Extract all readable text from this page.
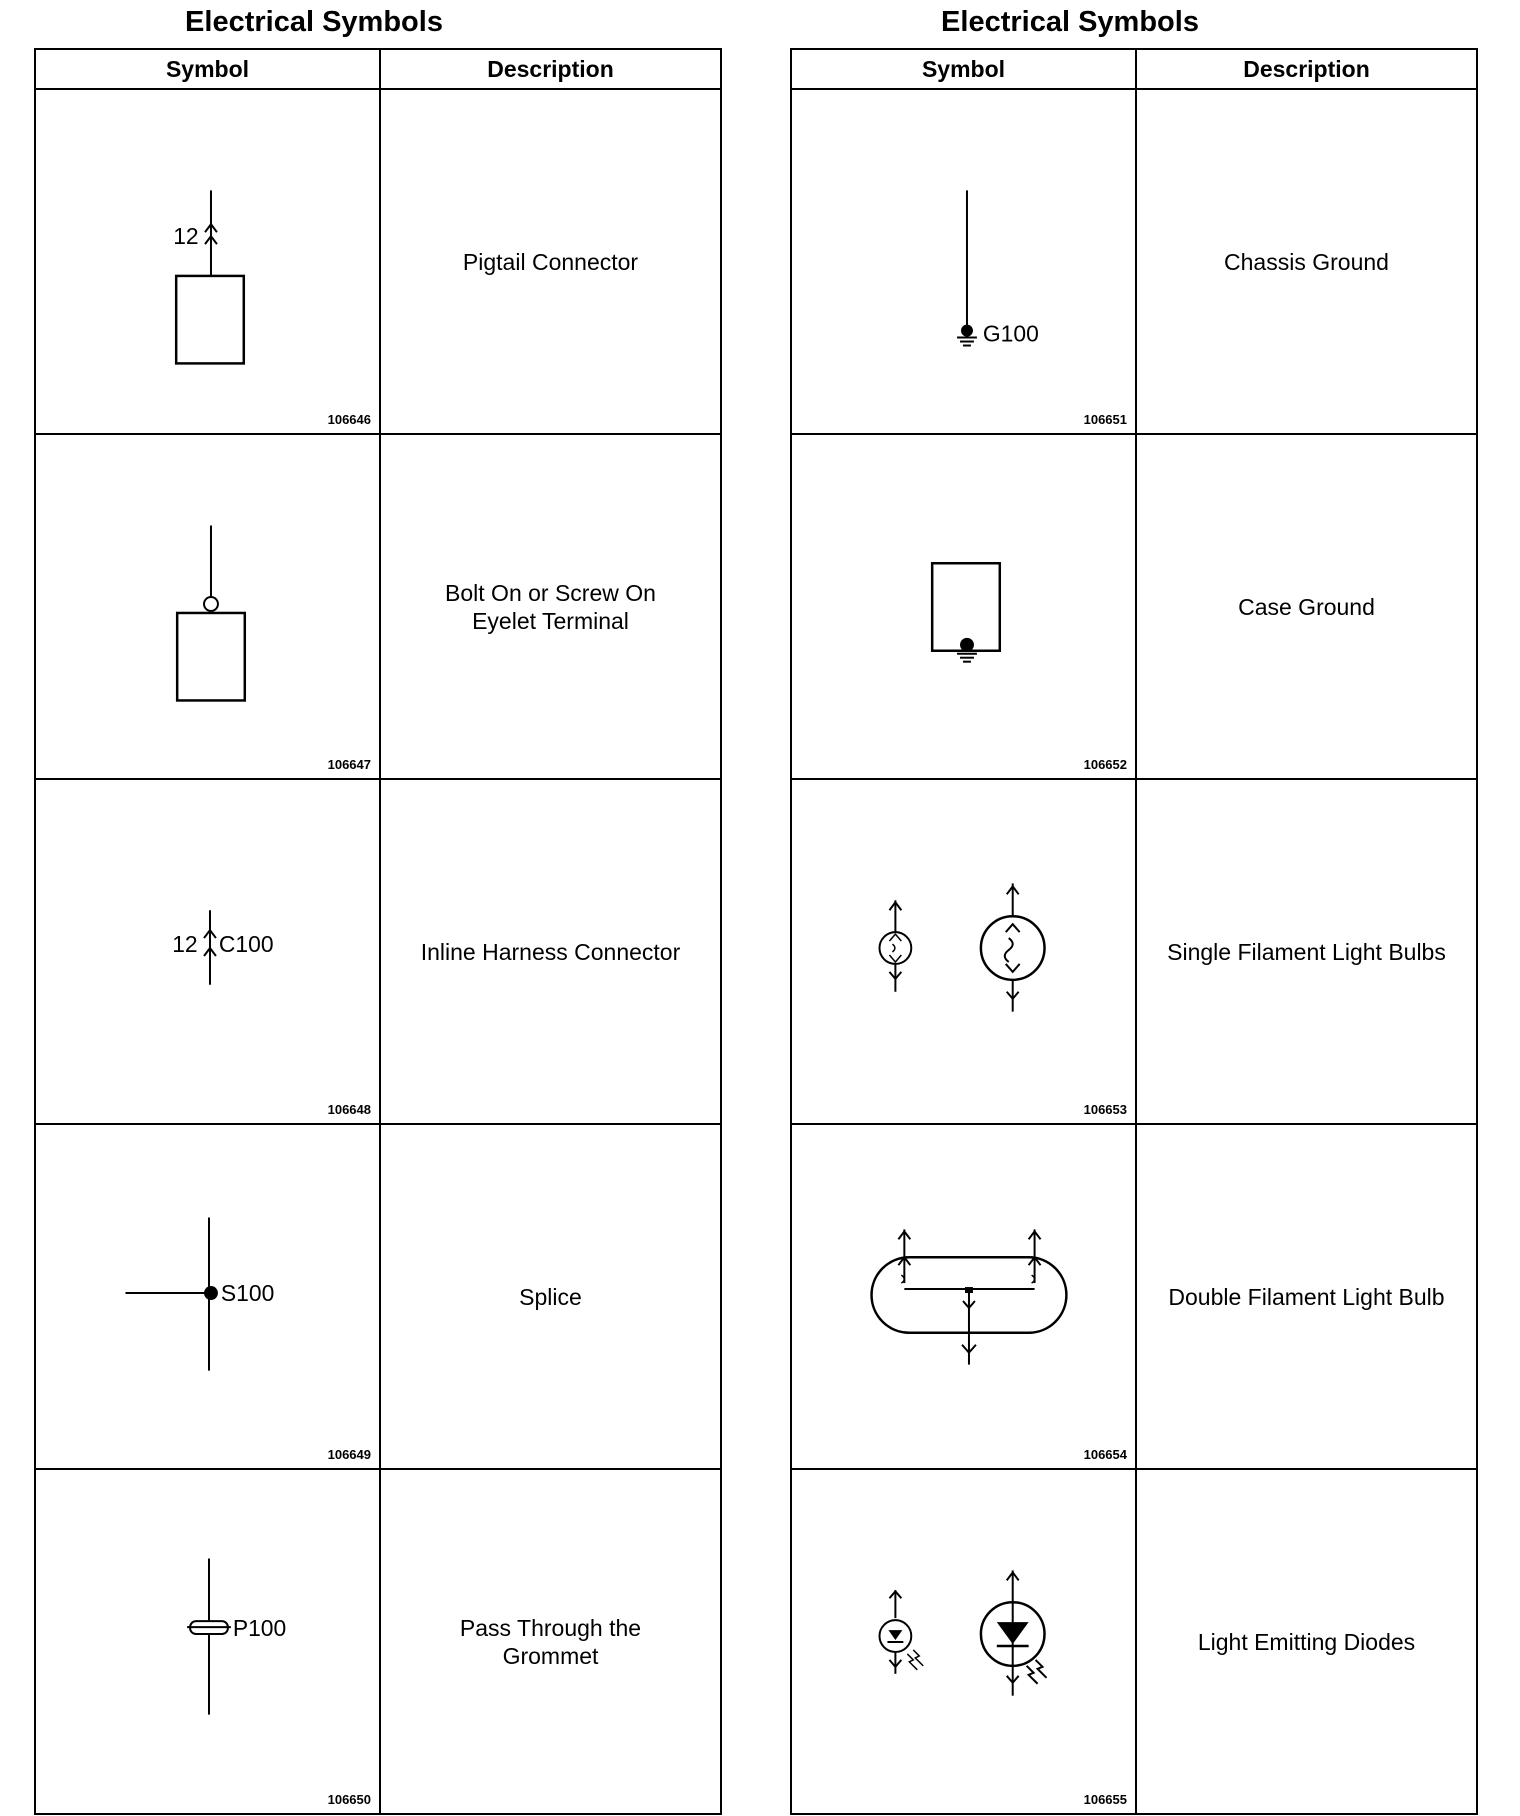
Electrical Symbols
Symbol	Description

12
106646	Pigtail Connector

106647	Bolt On or Screw On Eyelet Terminal

12 C100
106648	Inline Harness Connector

S100
106649	Splice

P100
106650	Pass Through the Grommet
Electrical Symbols
Symbol	Description

G100
106651	Chassis Ground

106652	Case Ground

106653	Single Filament Light Bulbs

106654	Double Filament Light Bulb

106655	Light Emitting Diodes
